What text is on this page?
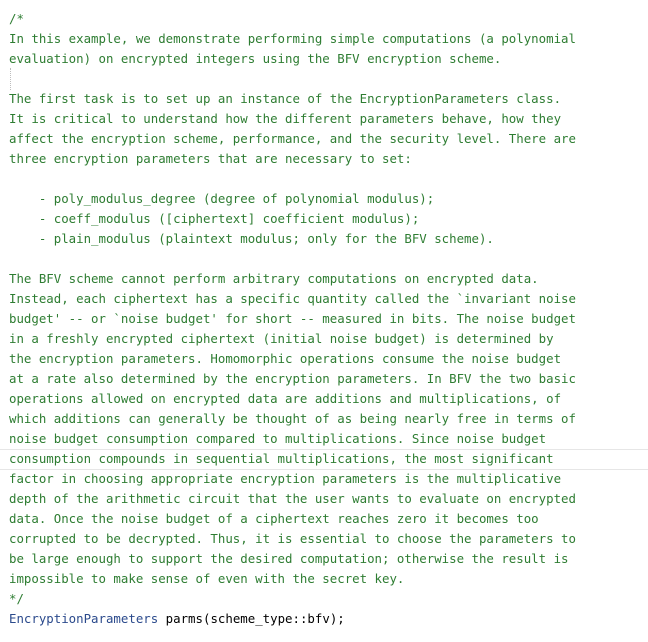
/*
In this example, we demonstrate performing simple computations (a polynomial
evaluation) on encrypted integers using the BFV encryption scheme.
The first task is to set up an instance of the EncryptionParameters class.
It is critical to understand how the different parameters behave, how they
affect the encryption scheme, performance, and the security level. There are
three encryption parameters that are necessary to set:
- poly_modulus_degree (degree of polynomial modulus);
- coeff_modulus ([ciphertext] coefficient modulus);
- plain_modulus (plaintext modulus; only for the BFV scheme).
The BFV scheme cannot perform arbitrary computations on encrypted data.
Instead, each ciphertext has a specific quantity called the `invariant noise
budget' -- or `noise budget' for short -- measured in bits. The noise budget
in a freshly encrypted ciphertext (initial noise budget) is determined by
the encryption parameters. Homomorphic operations consume the noise budget
at a rate also determined by the encryption parameters. In BFV the two basic
operations allowed on encrypted data are additions and multiplications, of
which additions can generally be thought of as being nearly free in terms of
noise budget consumption compared to multiplications. Since noise budget
consumption compounds in sequential multiplications, the most significant
factor in choosing appropriate encryption parameters is the multiplicative
depth of the arithmetic circuit that the user wants to evaluate on encrypted
data. Once the noise budget of a ciphertext reaches zero it becomes too
corrupted to be decrypted. Thus, it is essential to choose the parameters to
be large enough to support the desired computation; otherwise the result is
impossible to make sense of even with the secret key.
*/
EncryptionParameters parms(scheme_type::bfv);
